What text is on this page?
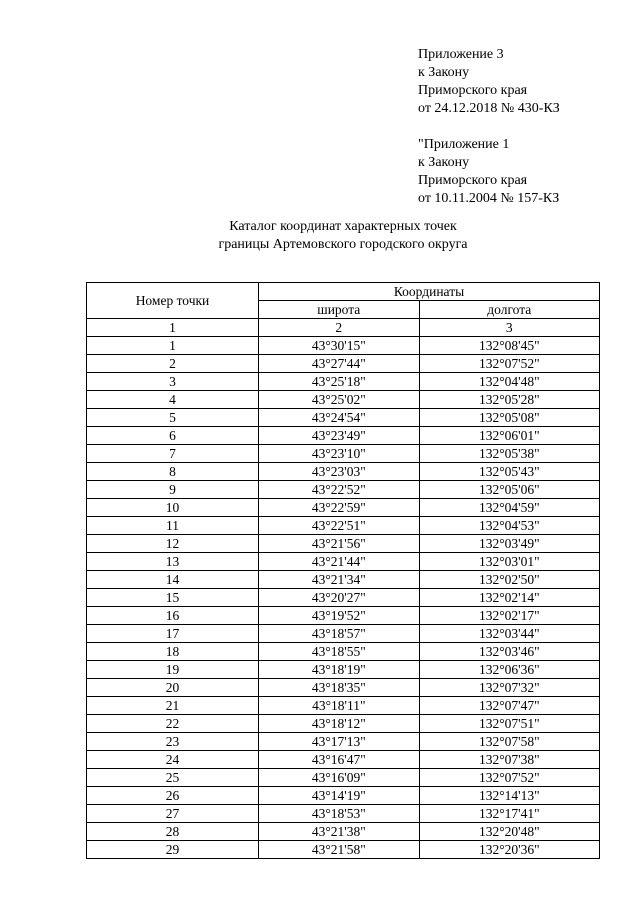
Приложение 3
к Закону
Приморского края
от 24.12.2018 № 430-КЗ
"Приложение 1
к Закону
Приморского края
от 10.11.2004 № 157-КЗ
Каталог координат характерных точек
границы Артемовского городского округа
Номер точки	Координаты	
	широта	долгота
1	2	3
1	43°30'15"	132°08'45"
2	43°27'44"	132°07'52"
3	43°25'18"	132°04'48"
4	43°25'02"	132°05'28"
5	43°24'54"	132°05'08"
6	43°23'49"	132°06'01"
7	43°23'10"	132°05'38"
8	43°23'03"	132°05'43"
9	43°22'52"	132°05'06"
10	43°22'59"	132°04'59"
11	43°22'51"	132°04'53"
12	43°21'56"	132°03'49"
13	43°21'44"	132°03'01"
14	43°21'34"	132°02'50"
15	43°20'27"	132°02'14"
16	43°19'52"	132°02'17"
17	43°18'57"	132°03'44"
18	43°18'55"	132°03'46"
19	43°18'19"	132°06'36"
20	43°18'35"	132°07'32"
21	43°18'11"	132°07'47"
22	43°18'12"	132°07'51"
23	43°17'13"	132°07'58"
24	43°16'47"	132°07'38"
25	43°16'09"	132°07'52"
26	43°14'19"	132°14'13"
27	43°18'53"	132°17'41"
28	43°21'38"	132°20'48"
29	43°21'58"	132°20'36"
